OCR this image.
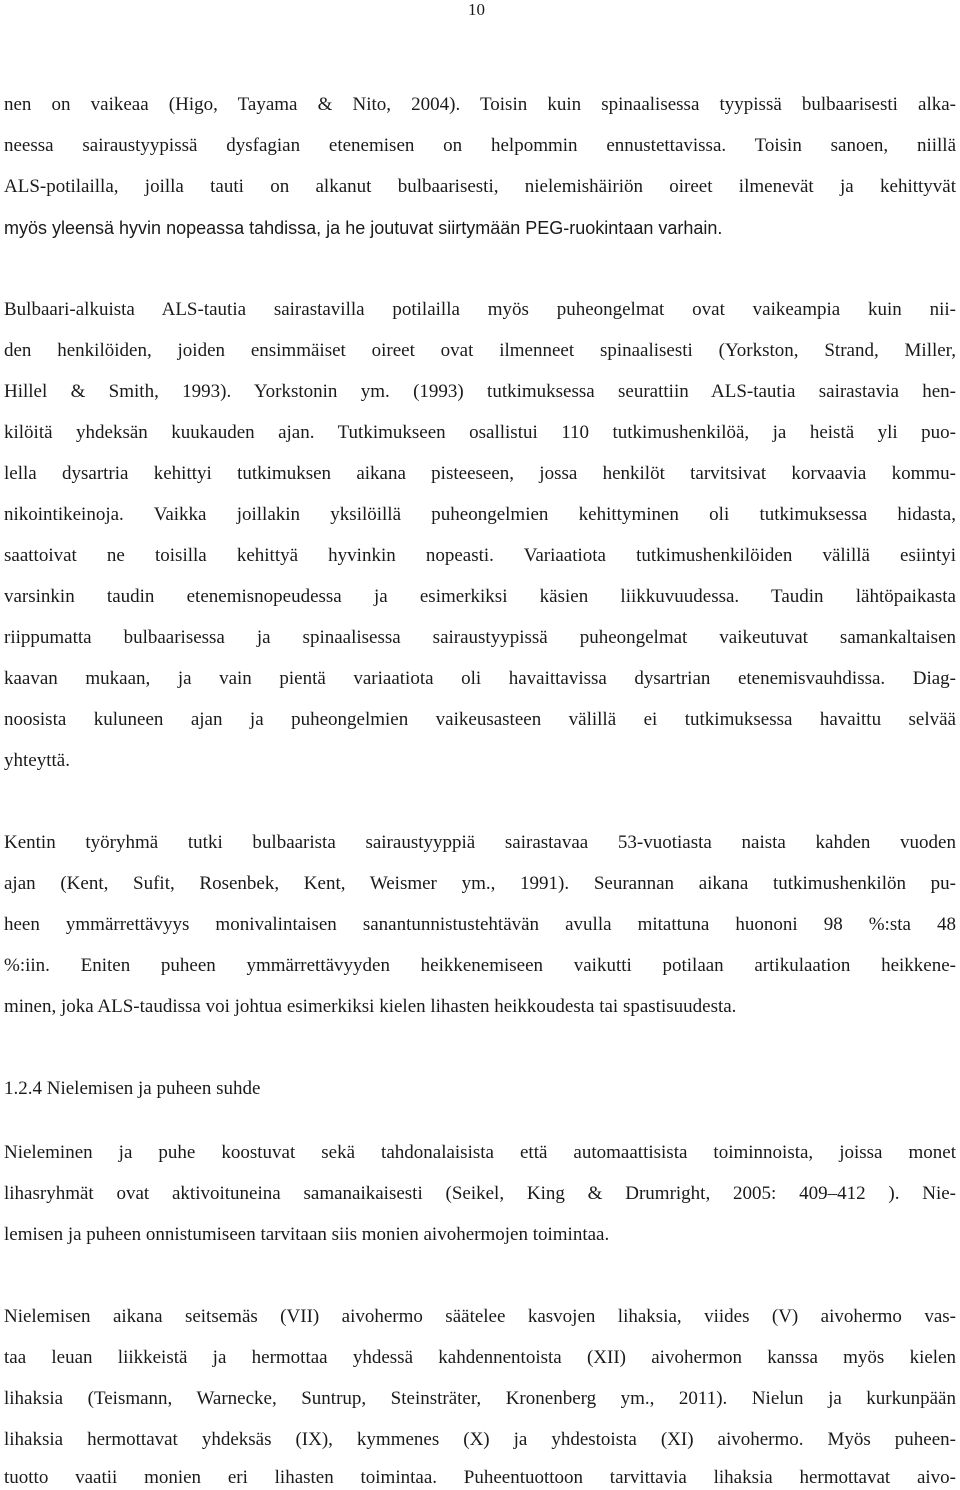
10
nen on vaikeaa (Higo, Tayama & Nito, 2004). Toisin kuin spinaalisessa tyypissä bulbaarisesti alka-
neessa sairaustyypissä dysfagian etenemisen on helpommin ennustettavissa. Toisin sanoen, niillä
ALS-potilailla, joilla tauti on alkanut bulbaarisesti, nielemishäiriön oireet ilmenevät ja kehittyvät
myös yleensä hyvin nopeassa tahdissa, ja he joutuvat siirtymään PEG-ruokintaan varhain.
Bulbaari-alkuista ALS-tautia sairastavilla potilailla myös puheongelmat ovat vaikeampia kuin nii-
den henkilöiden, joiden ensimmäiset oireet ovat ilmenneet spinaalisesti (Yorkston, Strand, Miller,
Hillel & Smith, 1993). Yorkstonin ym. (1993) tutkimuksessa seurattiin ALS-tautia sairastavia hen-
kilöitä yhdeksän kuukauden ajan. Tutkimukseen osallistui 110 tutkimushenkilöä, ja heistä yli puo-
lella dysartria kehittyi tutkimuksen aikana pisteeseen, jossa henkilöt tarvitsivat korvaavia kommu-
nikointikeinoja. Vaikka joillakin yksilöillä puheongelmien kehittyminen oli tutkimuksessa hidasta,
saattoivat ne toisilla kehittyä hyvinkin nopeasti. Variaatiota tutkimushenkilöiden välillä esiintyi
varsinkin taudin etenemisnopeudessa ja esimerkiksi käsien liikkuvuudessa. Taudin lähtöpaikasta
riippumatta bulbaarisessa ja spinaalisessa sairaustyypissä puheongelmat vaikeutuvat samankaltaisen
kaavan mukaan, ja vain pientä variaatiota oli havaittavissa dysartrian etenemisvauhdissa. Diag-
noosista kuluneen ajan ja puheongelmien vaikeusasteen välillä ei tutkimuksessa havaittu selvää
yhteyttä.
Kentin työryhmä tutki bulbaarista sairaustyyppiä sairastavaa 53-vuotiasta naista kahden vuoden
ajan (Kent, Sufit, Rosenbek, Kent, Weismer ym., 1991). Seurannan aikana tutkimushenkilön pu-
heen ymmärrettävyys monivalintaisen sanantunnistustehtävän avulla mitattuna huononi 98 %:sta 48
%:iin. Eniten puheen ymmärrettävyyden heikkenemiseen vaikutti potilaan artikulaation heikkene-
minen, joka ALS-taudissa voi johtua esimerkiksi kielen lihasten heikkoudesta tai spastisuudesta.
1.2.4 Nielemisen ja puheen suhde
Nieleminen ja puhe koostuvat sekä tahdonalaisista että automaattisista toiminnoista, joissa monet
lihasryhmät ovat aktivoituneina samanaikaisesti (Seikel, King & Drumright, 2005: 409–412 ). Nie-
lemisen ja puheen onnistumiseen tarvitaan siis monien aivohermojen toimintaa.
Nielemisen aikana seitsemäs (VII) aivohermo säätelee kasvojen lihaksia, viides (V) aivohermo vas-
taa leuan liikkeistä ja hermottaa yhdessä kahdennentoista (XII) aivohermon kanssa myös kielen
lihaksia (Teismann, Warnecke, Suntrup, Steinsträter, Kronenberg ym., 2011). Nielun ja kurkunpään
lihaksia hermottavat yhdeksäs (IX), kymmenes (X) ja yhdestoista (XI) aivohermo. Myös puheen-
tuotto vaatii monien eri lihasten toimintaa. Puheentuottoon tarvittavia lihaksia hermottavat aivo-
